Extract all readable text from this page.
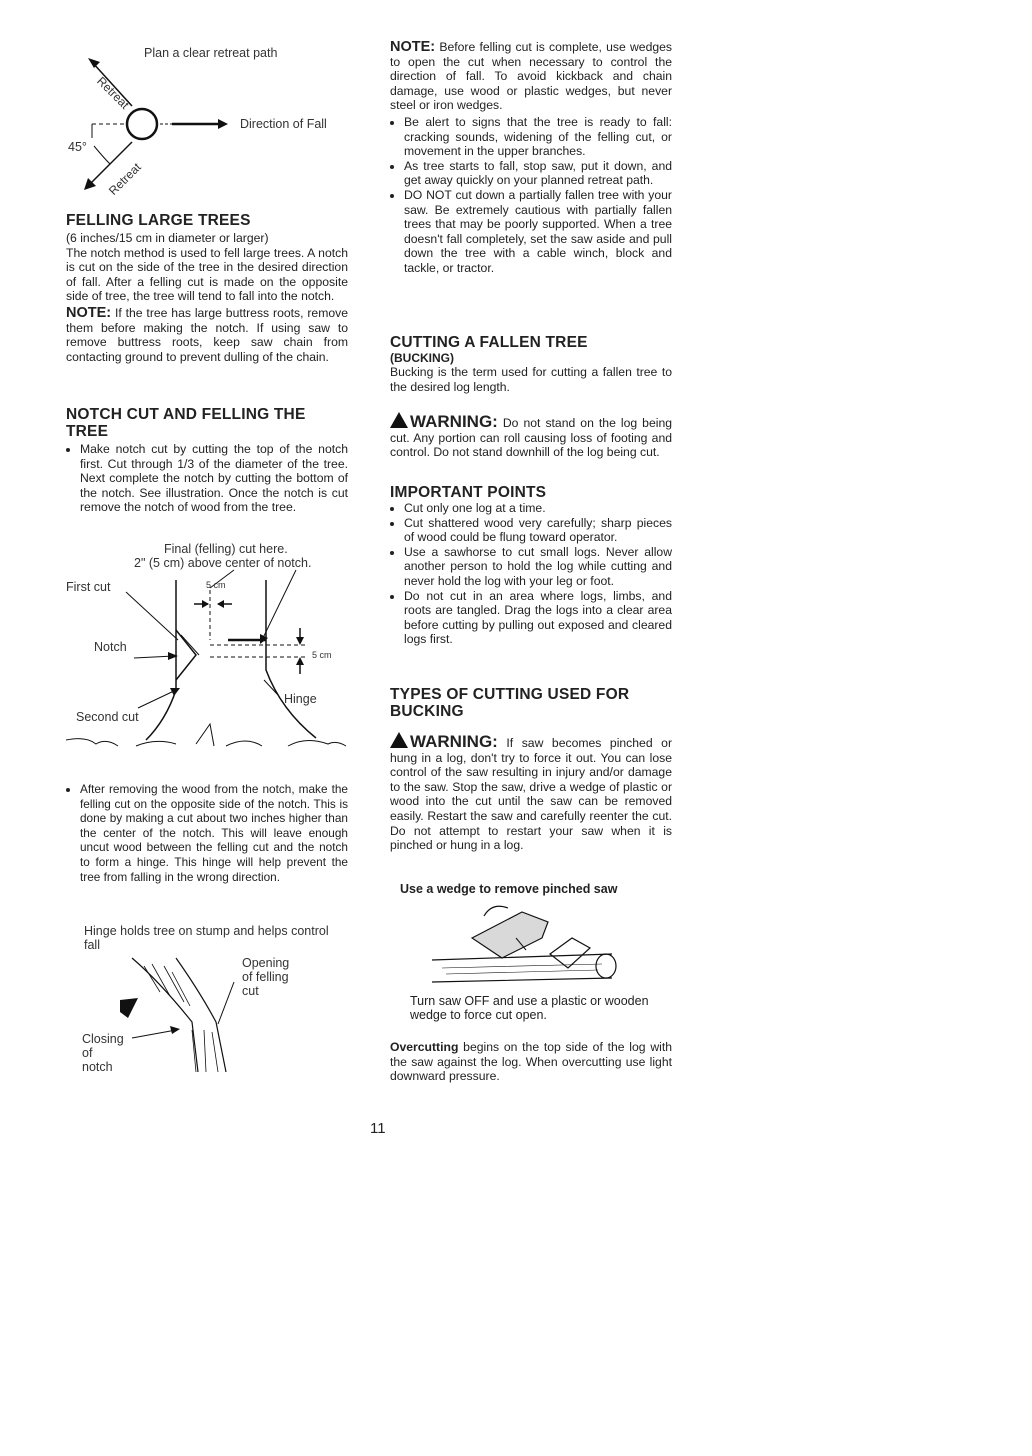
Plan a clear retreat path
Retreat
Direction of Fall
45°
Retreat
FELLING LARGE TREES

(6 inches/15 cm in diameter or larger)

The notch method is used to fell large trees. A notch is cut on the side of the tree in the desired direction of fall. After a felling cut is made on the opposite side of tree, the tree will tend to fall into the notch.

NOTE: If the tree has large buttress roots, remove them before making the notch. If using saw to remove buttress roots, keep saw chain from contacting ground to prevent dulling of the chain.

NOTCH CUT AND FELLING THE TREE
• Make notch cut by cutting the top of the notch first. Cut through 1/3 of the diameter of the tree. Next complete the notch by cutting the bottom of the notch. See illustration. Once the notch is cut remove the notch of wood from the tree.
Final (felling) cut here.
2" (5 cm) above center of notch.
First cut	5 cm
Notch
5 cm
Hinge
Second cut
• After removing the wood from the notch, make the felling cut on the opposite side of the notch. This is done by making a cut about two inches higher than the center of the notch. This will leave enough uncut wood between the felling cut and the notch to form a hinge. This hinge will help prevent the tree from falling in the wrong direction.
Hinge holds tree on stump and helps control fall
Opening
of felling
cut
Closing
of
notch

NOTE: Before felling cut is complete, use wedges to open the cut when necessary to control the direction of fall. To avoid kickback and chain damage, use wood or plastic wedges, but never steel or iron wedges.

• Be alert to signs that the tree is ready to fall: cracking sounds, widening of the felling cut, or movement in the upper branches.
• As tree starts to fall, stop saw, put it down, and get away quickly on your planned retreat path.
• DO NOT cut down a partially fallen tree with your saw. Be extremely cautious with partially fallen trees that may be poorly supported. When a tree doesn't fall completely, set the saw aside and pull down the tree with a cable winch, block and tackle, or tractor.
CUTTING A FALLEN TREE
(BUCKING)

Bucking is the term used for cutting a fallen tree to the desired log length.

WARNING: Do not stand on the log being cut. Any portion can roll causing loss of footing and control. Do not stand downhill of the log being cut.

IMPORTANT POINTS
• Cut only one log at a time.
• Cut shattered wood very carefully; sharp pieces of wood could be flung toward operator.
• Use a sawhorse to cut small logs. Never allow another person to hold the log while cutting and never hold the log with your leg or foot.
• Do not cut in an area where logs, limbs, and roots are tangled. Drag the logs into a clear area before cutting by pulling out exposed and cleared logs first.
TYPES OF CUTTING USED FOR BUCKING

WARNING: If saw becomes pinched or hung in a log, don't try to force it out. You can lose control of the saw resulting in injury and/or damage to the saw. Stop the saw, drive a wedge of plastic or wood into the cut until the saw can be removed easily. Restart the saw and carefully reenter the cut. Do not attempt to restart your saw when it is pinched or hung in a log.

Use a wedge to remove pinched saw
Turn saw OFF and use a plastic or wooden wedge to force cut open.

Overcutting begins on the top side of the log with the saw against the log. When overcutting use light downward pressure.

11
